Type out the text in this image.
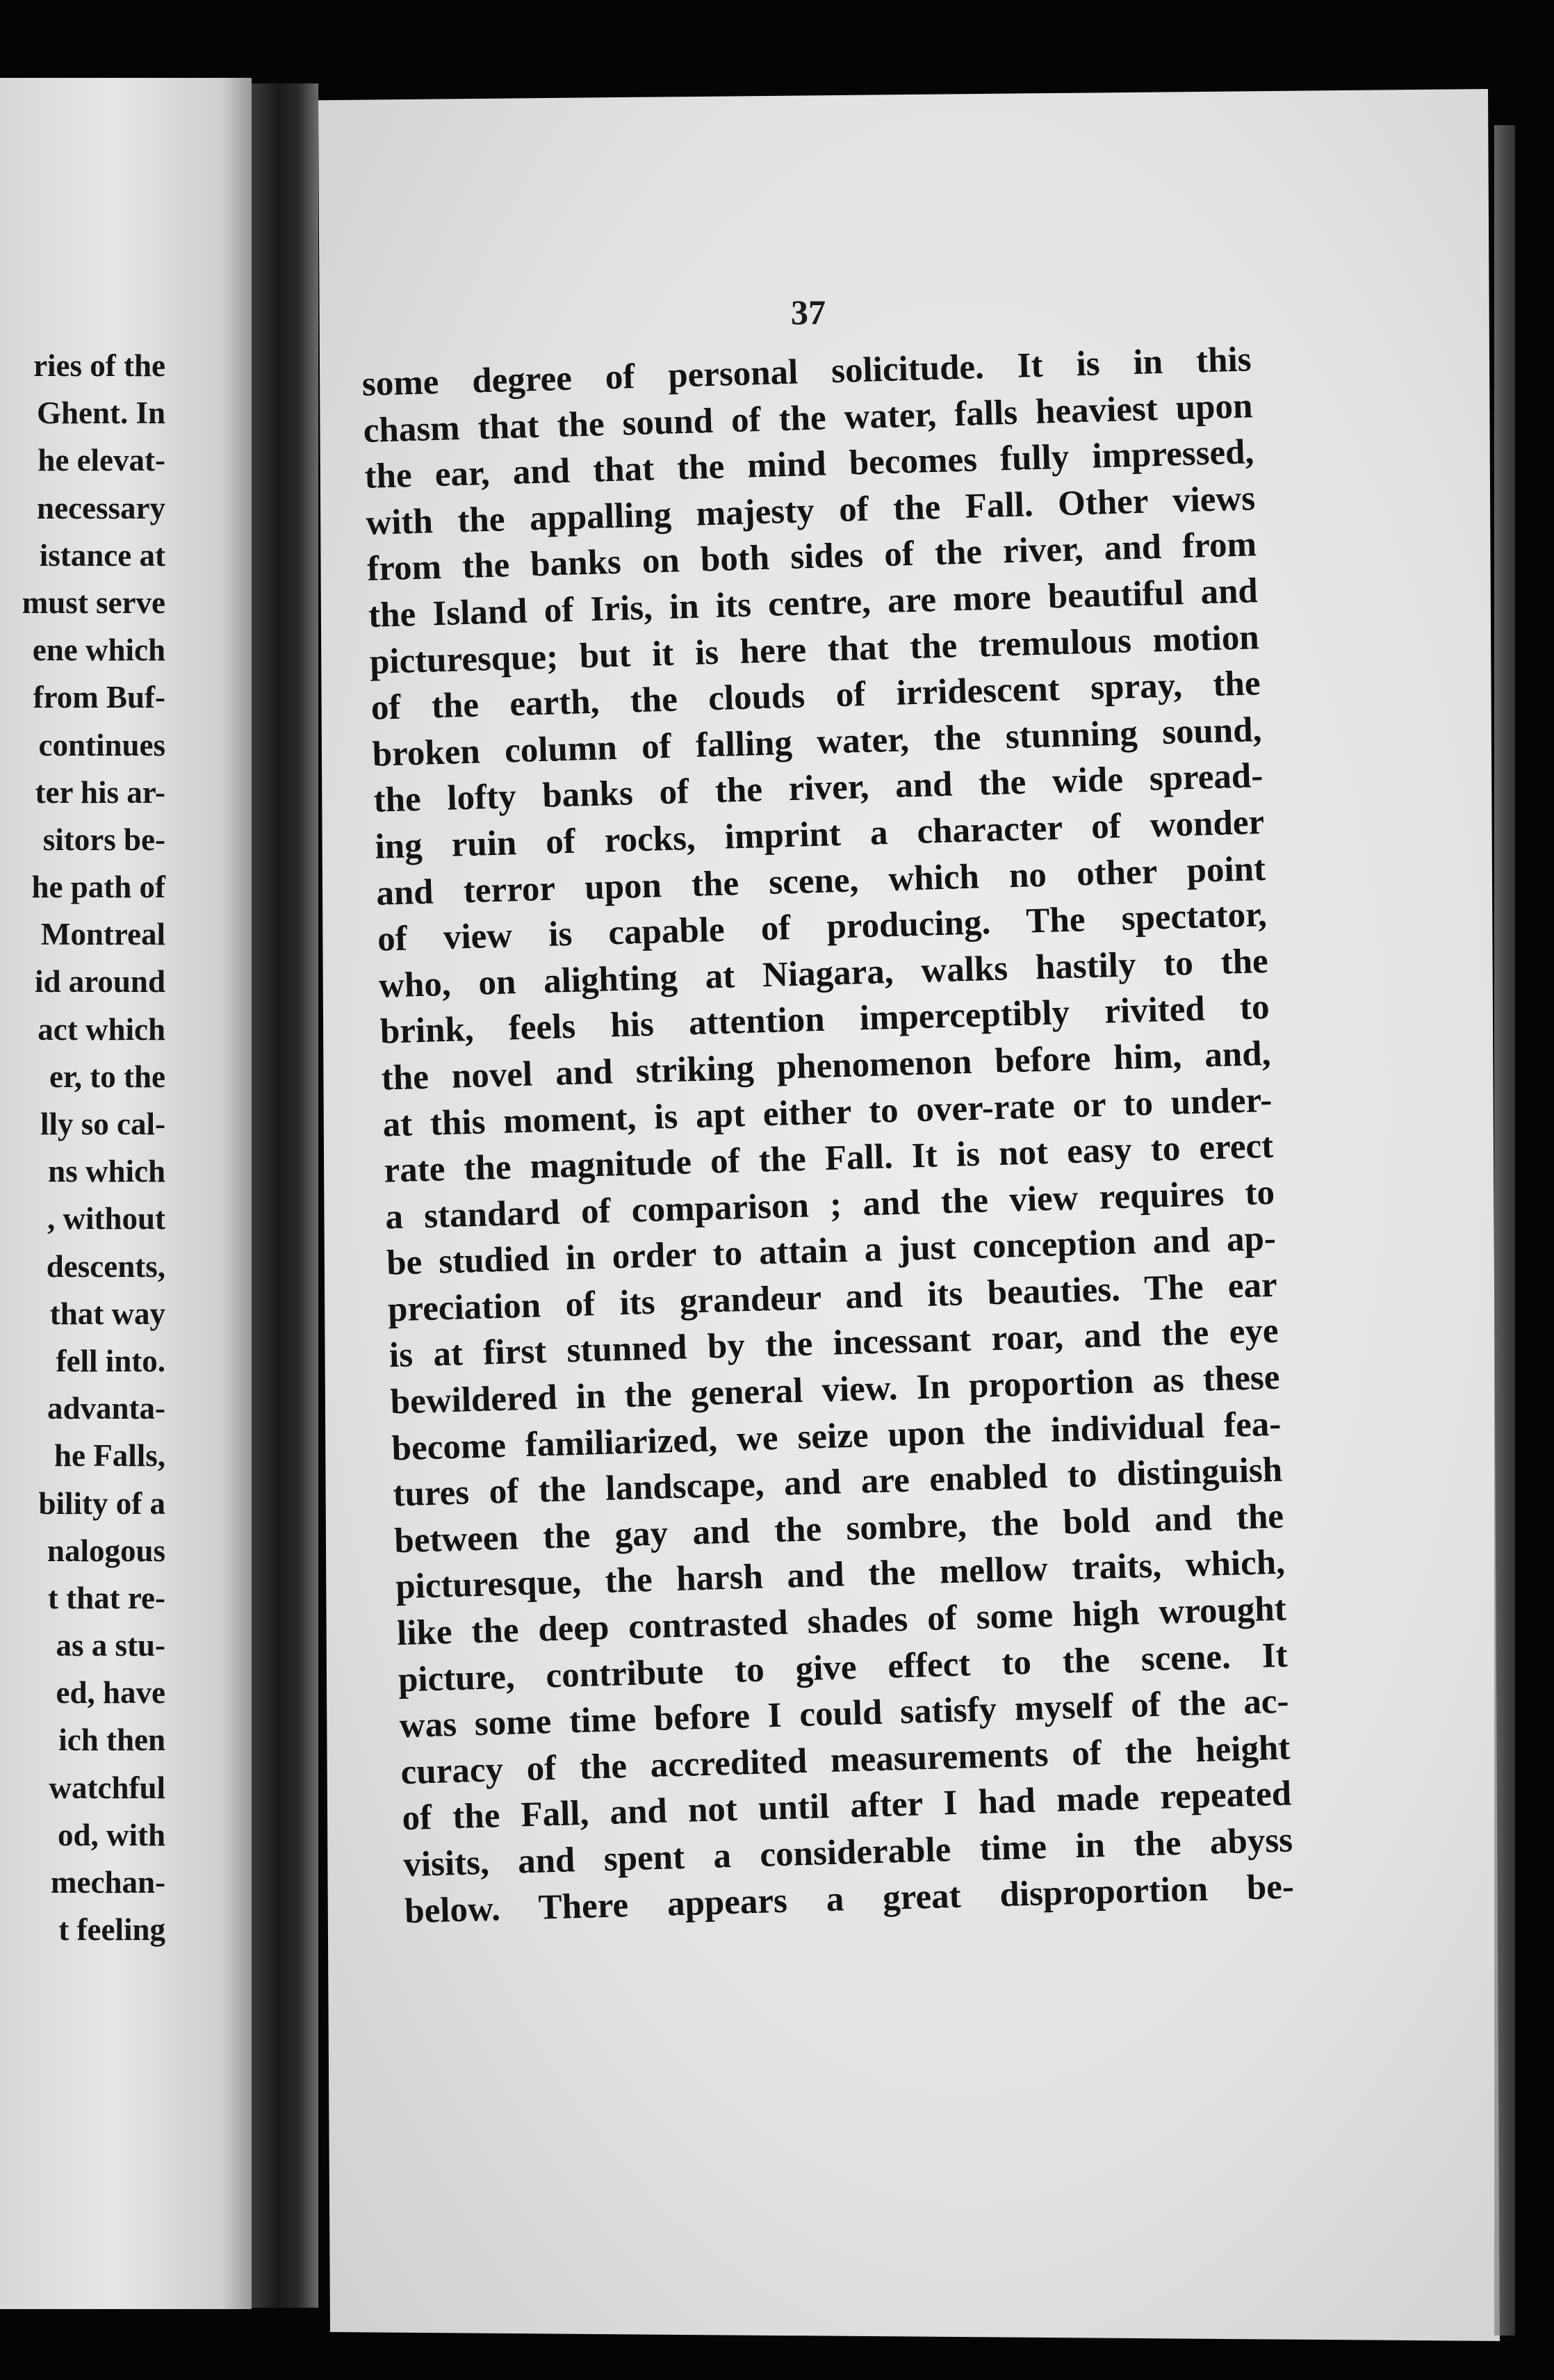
ries of the
Ghent. In
he elevat-
necessary
istance at
must serve
ene which
from Buf-
continues
ter his ar-
sitors be-
he path of
Montreal
id around
act which
er, to the
lly so cal-
ns which
, without
descents,
that way
fell into.
advanta-
he Falls,
bility of a
nalogous
t that re-
as a stu-
ed, have
ich then
watchful
od, with
mechan-
t feeling
37
some degree of personal solicitude. It is in this
chasm that the sound of the water, falls heaviest upon
the ear, and that the mind becomes fully impressed,
with the appalling majesty of the Fall. Other views
from the banks on both sides of the river, and from
the Island of Iris, in its centre, are more beautiful and
picturesque; but it is here that the tremulous motion
of the earth, the clouds of irridescent spray, the
broken column of falling water, the stunning sound,
the lofty banks of the river, and the wide spread-
ing ruin of rocks, imprint a character of wonder
and terror upon the scene, which no other point
of view is capable of producing. The spectator,
who, on alighting at Niagara, walks hastily to the
brink, feels his attention imperceptibly rivited to
the novel and striking phenomenon before him, and,
at this moment, is apt either to over-rate or to under-
rate the magnitude of the Fall. It is not easy to erect
a standard of comparison ; and the view requires to
be studied in order to attain a just conception and ap-
preciation of its grandeur and its beauties. The ear
is at first stunned by the incessant roar, and the eye
bewildered in the general view. In proportion as these
become familiarized, we seize upon the individual fea-
tures of the landscape, and are enabled to distinguish
between the gay and the sombre, the bold and the
picturesque, the harsh and the mellow traits, which,
like the deep contrasted shades of some high wrought
picture, contribute to give effect to the scene. It
was some time before I could satisfy myself of the ac-
curacy of the accredited measurements of the height
of the Fall, and not until after I had made repeated
visits, and spent a considerable time in the abyss
below. There appears a great disproportion be-
